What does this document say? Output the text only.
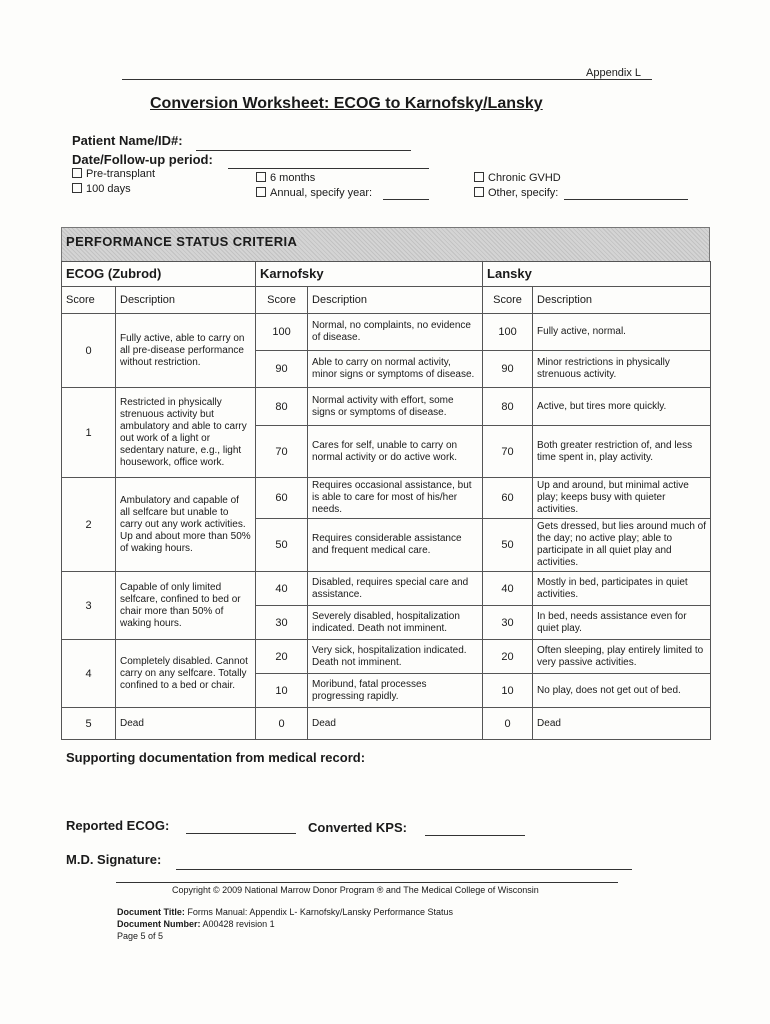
Appendix L
Conversion Worksheet: ECOG to Karnofsky/Lansky
Patient Name/ID#:
Date/Follow-up period:
Pre-transplant
100 days
6 months
Annual, specify year:
Chronic GVHD
Other, specify:
PERFORMANCE STATUS CRITERIA
ECOG (Zubrod)		Karnofsky		Lansky	
Score	Description	Score	Description	Score	Description
0	Fully active, able to carry on all pre-disease performance without restriction.	100	Normal, no complaints, no evidence of disease.	100	Fully active, normal.
		90	Able to carry on normal activity, minor signs or symptoms of disease.	90	Minor restrictions in physically strenuous activity.
1	Restricted in physically strenuous activity but ambulatory and able to carry out work of a light or sedentary nature, e.g., light housework, office work.	80	Normal activity with effort, some signs or symptoms of disease.	80	Active, but tires more quickly.
		70	Cares for self, unable to carry on normal activity or do active work.	70	Both greater restriction of, and less time spent in, play activity.
2	Ambulatory and capable of all selfcare but unable to carry out any work activities. Up and about more than 50% of waking hours.	60	Requires occasional assistance, but is able to care for most of his/her needs.	60	Up and around, but minimal active play; keeps busy with quieter activities.
		50	Requires considerable assistance and frequent medical care.	50	Gets dressed, but lies around much of the day; no active play; able to participate in all quiet play and activities.
3	Capable of only limited selfcare, confined to bed or chair more than 50% of waking hours.	40	Disabled, requires special care and assistance.	40	Mostly in bed, participates in quiet activities.
		30	Severely disabled, hospitalization indicated. Death not imminent.	30	In bed, needs assistance even for quiet play.
4	Completely disabled. Cannot carry on any selfcare. Totally confined to a bed or chair.	20	Very sick, hospitalization indicated. Death not imminent.	20	Often sleeping, play entirely limited to very passive activities.
		10	Moribund, fatal processes progressing rapidly.	10	No play, does not get out of bed.
5	Dead	0	Dead	0	Dead
Supporting documentation from medical record:
Reported ECOG:	Converted KPS:
M.D. Signature:
Copyright © 2009 National Marrow Donor Program ® and The Medical College of Wisconsin
Document Title: Forms Manual: Appendix L- Karnofsky/Lansky Performance Status
Document Number: A00428 revision 1
Page 5 of 5
